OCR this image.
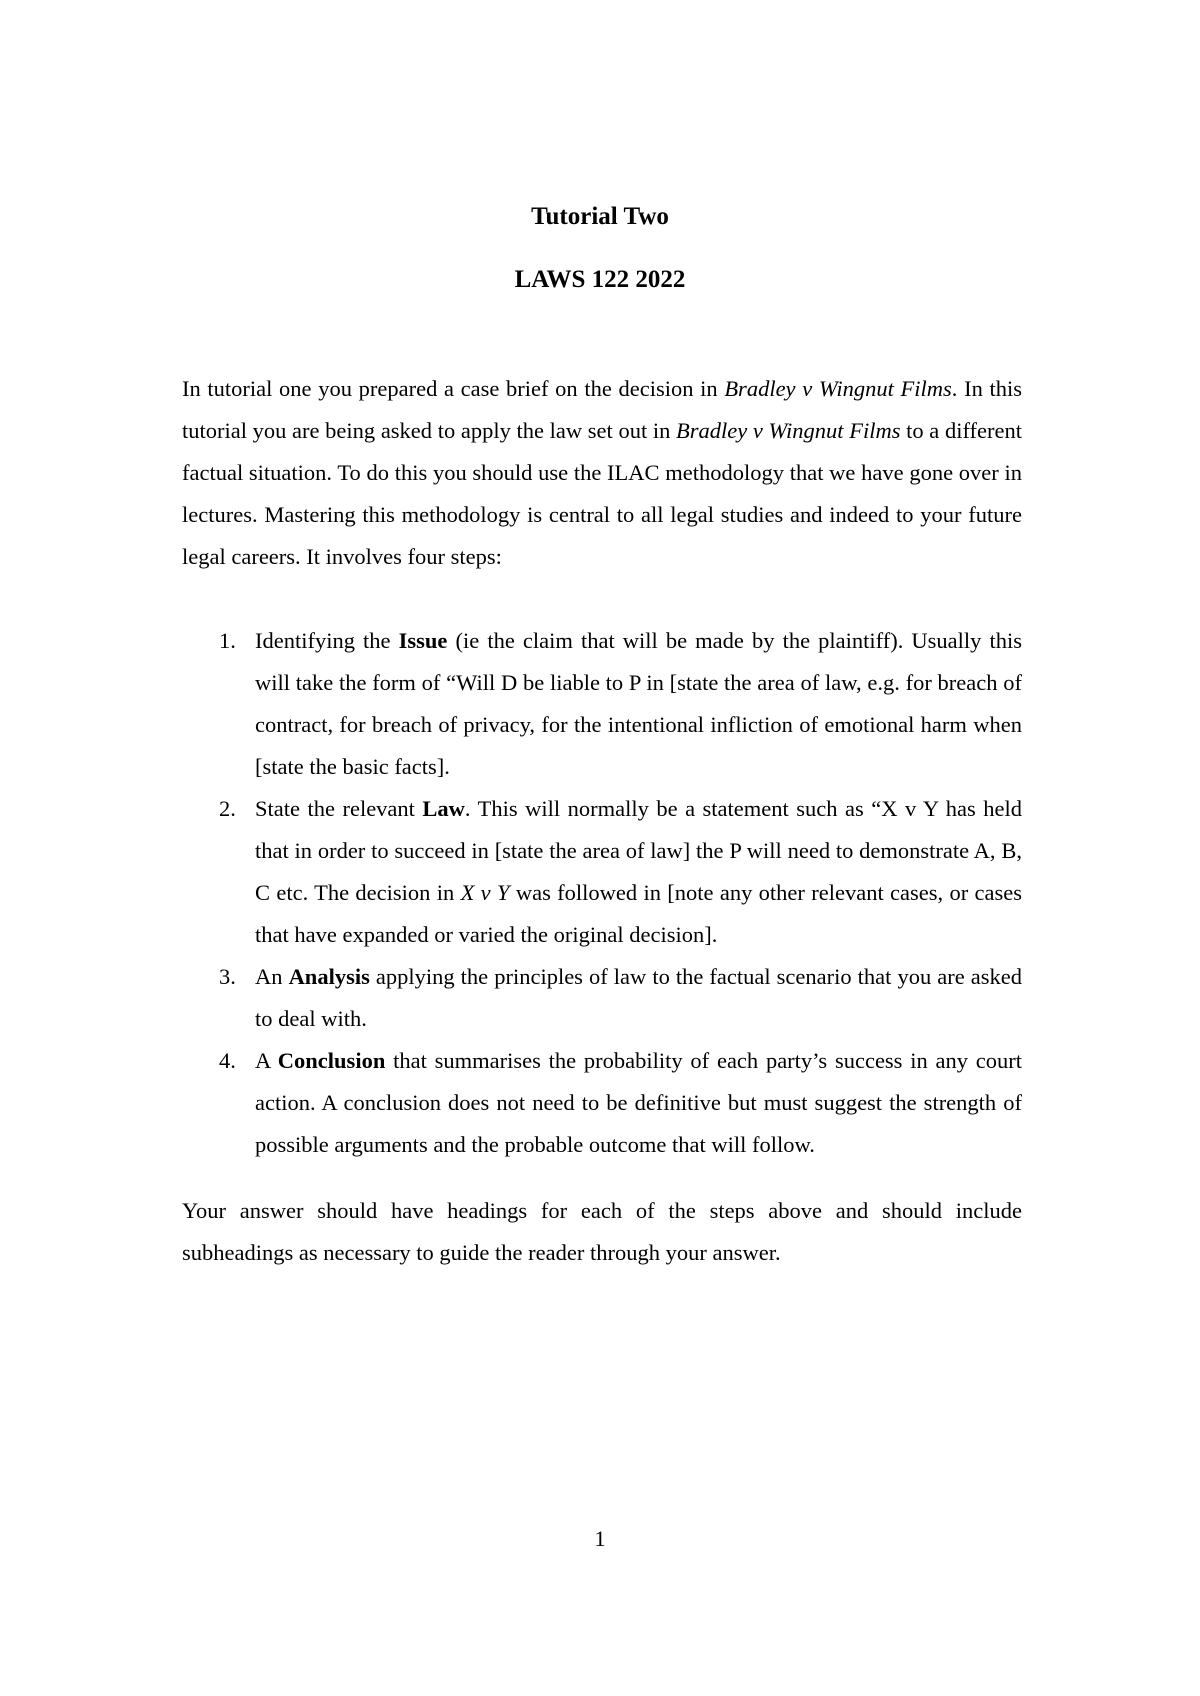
Tutorial Two
LAWS 122 2022

In tutorial one you prepared a case brief on the decision in Bradley v Wingnut Films. In this tutorial you are being asked to apply the law set out in Bradley v Wingnut Films to a different factual situation. To do this you should use the ILAC methodology that we have gone over in lectures. Mastering this methodology is central to all legal studies and indeed to your future legal careers. It involves four steps:

1. Identifying the Issue (ie the claim that will be made by the plaintiff). Usually this will take the form of “Will D be liable to P in [state the area of law, e.g. for breach of contract, for breach of privacy, for the intentional infliction of emotional harm when [state the basic facts].
2. State the relevant Law. This will normally be a statement such as “X v Y has held that in order to succeed in [state the area of law] the P will need to demonstrate A, B, C etc. The decision in X v Y was followed in [note any other relevant cases, or cases that have expanded or varied the original decision].
3. An Analysis applying the principles of law to the factual scenario that you are asked to deal with.
4. A Conclusion that summarises the probability of each party’s success in any court action. A conclusion does not need to be definitive but must suggest the strength of possible arguments and the probable outcome that will follow.

Your answer should have headings for each of the steps above and should include subheadings as necessary to guide the reader through your answer.

1
